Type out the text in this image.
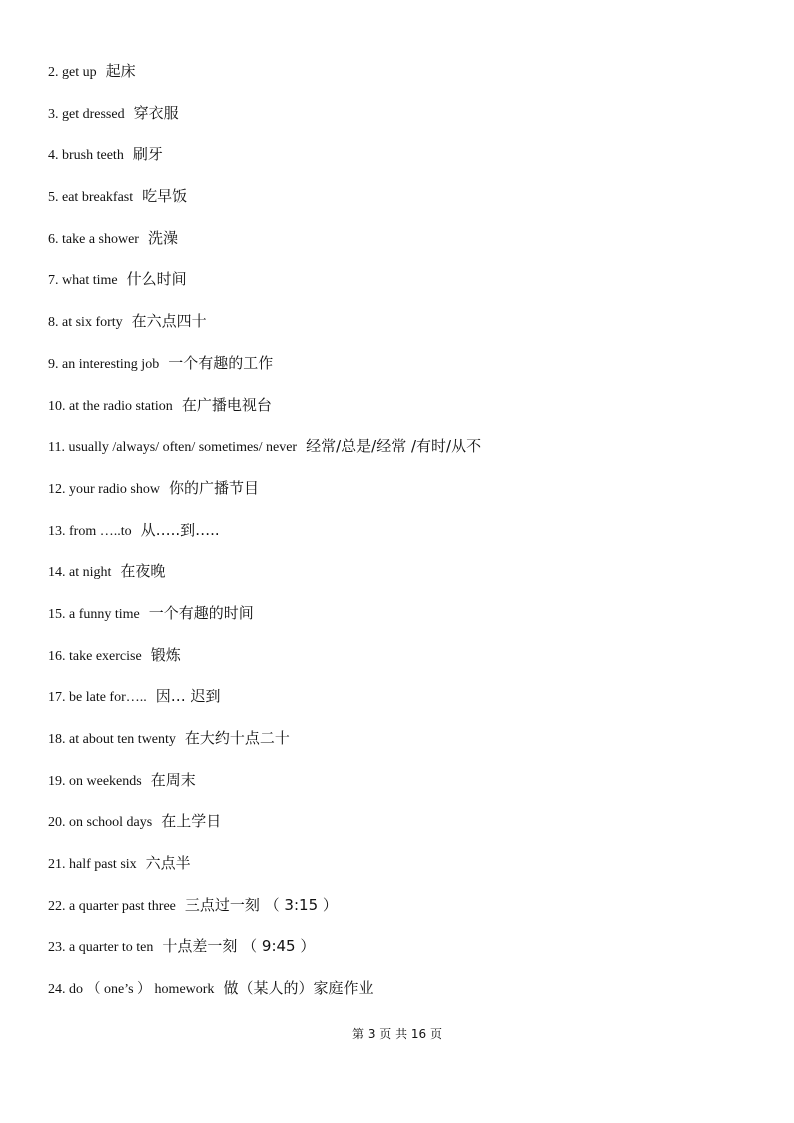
2. get up 起床
3. get dressed 穿衣服
4. brush teeth 刷牙
5. eat breakfast 吃早饭
6. take a shower 洗澡
7. what time 什么时间
8. at six forty 在六点四十
9. an interesting job 一个有趣的工作
10. at the radio station 在广播电视台
11. usually /always/ often/ sometimes/ never 经常/总是/经常 /有时/从不
12. your radio show 你的广播节目
13. from …..to 从…..到…..
14. at night 在夜晚
15. a funny time 一个有趣的时间
16. take exercise 锻炼
17. be late for….. 因… 迟到
18. at about ten twenty 在大约十点二十
19. on weekends 在周末
20. on school days 在上学日
21. half past six 六点半
22. a quarter past three 三点过一刻 （ 3:15 ）
23. a quarter to ten 十点差一刻 （ 9:45 ）
24. do （ one’s ） homework 做（某人的）家庭作业
第 3 页 共 16 页
